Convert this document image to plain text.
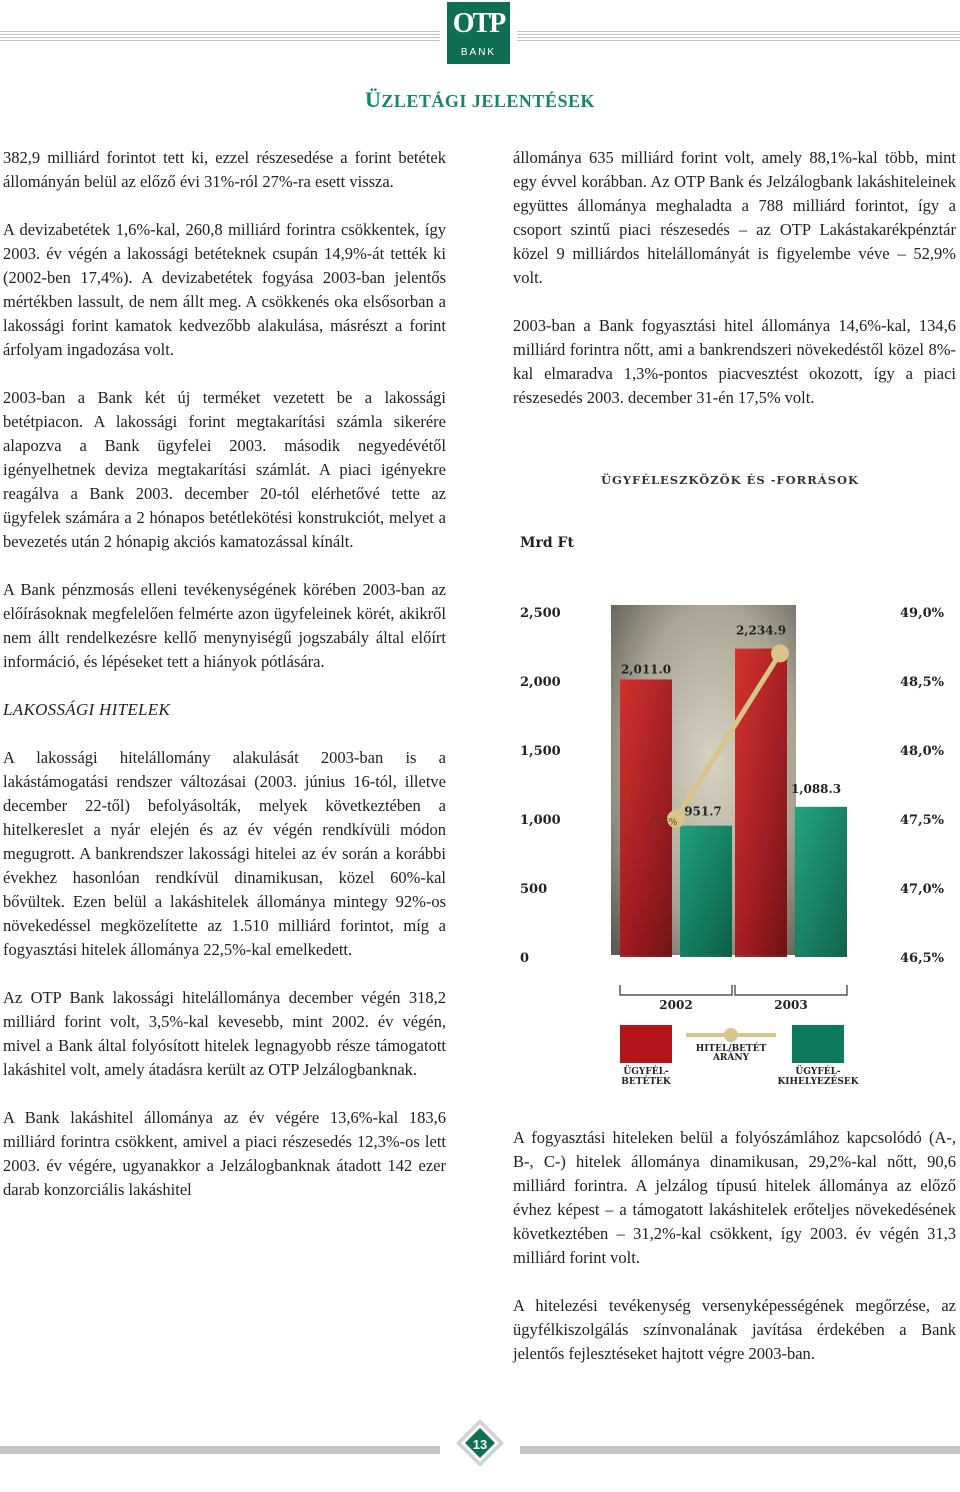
OTP
BANK
ÜZLETÁGI JELENTÉSEK

382,9 milliárd forintot tett ki, ezzel részesedése a forint betétek állományán belül az előző évi 31%-ról 27%-ra esett vissza.

A devizabetétek 1,6%-kal, 260,8 milliárd forintra csökkentek, így 2003. év végén a lakossági betéteknek csupán 14,9%-át tették ki (2002-ben 17,4%). A devizabetétek fogyása 2003-ban jelentős mértékben lassult, de nem állt meg. A csökkenés oka elsősorban a lakossági forint kamatok kedvezőbb alakulása, másrészt a forint árfolyam ingadozása volt.

2003-ban a Bank két új terméket vezetett be a lakossági betétpiacon. A lakossági forint megtakarítási számla sikerére alapozva a Bank ügyfelei 2003. második negyedévétől igényelhetnek deviza megtakarítási számlát. A piaci igényekre reagálva a Bank 2003. december 20-tól elérhetővé tette az ügyfelek számára a 2 hónapos betétlekötési konstrukciót, melyet a bevezetés után 2 hónapig akciós kamatozással kínált.

A Bank pénzmosás elleni tevékenységének körében 2003-ban az előírásoknak megfelelően felmérte azon ügyfeleinek körét, akikről nem állt rendelkezésre kellő menynyiségű jogszabály által előírt információ, és lépéseket tett a hiányok pótlására.

LAKOSSÁGI HITELEK

A lakossági hitelállomány alakulását 2003-ban is a lakástámogatási rendszer változásai (2003. június 16-tól, illetve december 22-től) befolyásolták, melyek következtében a hitelkereslet a nyár elején és az év végén rendkívüli módon megugrott. A bankrendszer lakossági hitelei az év során a korábbi évekhez hasonlóan rendkívül dinamikusan, közel 60%-kal bővültek. Ezen belül a lakáshitelek állománya mintegy 92%-os növekedéssel megközelítette az 1.510 milliárd forintot, míg a fogyasztási hitelek állománya 22,5%-kal emelkedett.

Az OTP Bank lakossági hitelállománya december végén 318,2 milliárd forint volt, 3,5%-kal kevesebb, mint 2002. év végén, mivel a Bank által folyósított hitelek legnagyobb része támogatott lakáshitel volt, amely átadásra került az OTP Jelzálogbanknak.

A Bank lakáshitel állománya az év végére 13,6%-kal 183,6 milliárd forintra csökkent, amivel a piaci részesedés 12,3%-os lett 2003. év végére, ugyanakkor a Jelzálogbanknak átadott 142 ezer darab konzorciális lakáshitel

állománya 635 milliárd forint volt, amely 88,1%-kal több, mint egy évvel korábban. Az OTP Bank és Jelzálogbank lakáshiteleinek együttes állománya meghaladta a 788 milliárd forintot, így a csoport szintű piaci részesedés – az OTP Lakástakarékpénztár közel 9 milliárdos hitelállományát is figyelembe véve – 52,9% volt.

2003-ban a Bank fogyasztási hitel állománya 14,6%-kal, 134,6 milliárd forintra nőtt, ami a bankrendszeri növekedéstől közel 8%-kal elmaradva 1,3%-pontos piacvesztést okozott, így a piaci részesedés 2003. december 31-én 17,5% volt.

ÜGYFÉLESZKÖZÖK ÉS -FORRÁSOK
Mrd Ft
0
500
1,000
1,500
2,000
2,500
46,5%
47,0%
47,5%
48,0%
48,5%
49,0%
47,5%
48,7%
2,011.0
2,234.9
951.7
1,088.3
2002	2003
ÜGYFÉL-
BETÉTEK
HITEL/BETÉT
ARÁNY
ÜGYFÉL-
KIHELYEZÉSEK

A fogyasztási hiteleken belül a folyószámlához kapcsolódó (A-, B-, C-) hitelek állománya dinamikusan, 29,2%-kal nőtt, 90,6 milliárd forintra. A jelzálog típusú hitelek állománya az előző évhez képest – a támogatott lakáshitelek erőteljes növekedésének következtében – 31,2%-kal csökkent, így 2003. év végén 31,3 milliárd forint volt.

A hitelezési tevékenység versenyképességének megőrzése, az ügyfélkiszolgálás színvonalának javítása érdekében a Bank jelentős fejlesztéseket hajtott végre 2003-ban.

13
